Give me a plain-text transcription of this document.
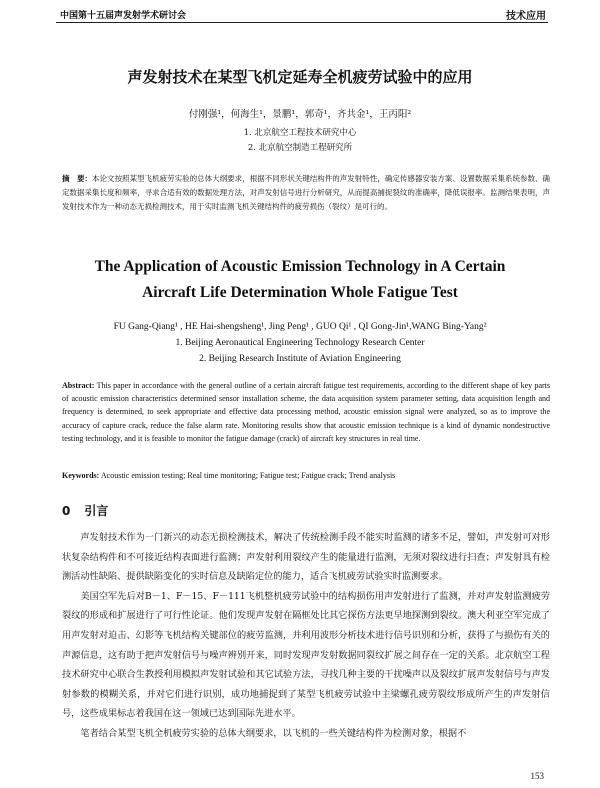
中国第十五届声发射学术研讨会	技术应用
声发射技术在某型飞机定延寿全机疲劳试验中的应用
付刚强¹，何海生¹，景鹏¹，郭奇¹，齐共金¹，王丙阳²
1. 北京航空工程技术研究中心
2. 北京航空制造工程研究所
摘　要：本论文按照某型飞机疲劳实验的总体大纲要求，根据不同形状关键结构件的声发射特性，确定传感器安装方案、设置数据采集系统参数、确定数据采集长度和频率，寻求合适有效的数据处理方法，对声发射信号进行分析研究，从而提高捕捉裂纹的准确率，降低误报率。监测结果表明，声发射技术作为一种动态无损检测技术，用于实时监测飞机关键结构件的疲劳损伤（裂纹）是可行的。
The Application of Acoustic Emission Technology in A Certain
Aircraft Life Determination Whole Fatigue Test
FU Gang-Qiang¹ , HE Hai-shengsheng¹, Jing Peng¹ , GUO Qi¹ , QI Gong-Jin¹,WANG Bing-Yang²
1. Beijing Aeronautical Engineering Technology Research Center
2. Beijing Research Institute of Aviation Engineering
Abstract: This paper in accordance with the general outline of a certain aircraft fatigue test requirements, according to the different shape of key parts of acoustic emission characteristics determined sensor installation scheme, the data acquisition system parameter setting, data acquisition length and frequency is determined, to seek appropriate and effective data processing method, acoustic emission signal were analyzed, so as to improve the accuracy of capture crack, reduce the false alarm rate. Monitoring results show that acoustic emission technique is a kind of dynamic nondestructive testing technology, and it is feasible to monitor the fatigue damage (crack) of aircraft key structures in real time.
Keywords: Acoustic emission testing; Real time monitoring; Fatigue test; Fatigue crack; Trend analysis
0 引言

声发射技术作为一门新兴的动态无损检测技术，解决了传统检测手段不能实时监测的诸多不足，譬如，声发射可对形状复杂结构件和不可接近结构表面进行监测；声发射利用裂纹产生的能量进行监测，无须对裂纹进行扫查；声发射具有检测活动性缺陷、提供缺陷变化的实时信息及缺陷定位的能力，适合飞机疲劳试验实时监测要求。

美国空军先后对B－1、F－15、F－111飞机整机疲劳试验中的结构损伤用声发射进行了监测，并对声发射监测疲劳裂纹的形成和扩展进行了可行性论证。他们发现声发射在隔框处比其它探伤方法更早地探测到裂纹。澳大利亚空军完成了用声发射对迫击、幻影等飞机结构关键部位的疲劳监测，并利用波形分析技术进行信号识别和分析，获得了与损伤有关的声源信息，这有助于把声发射信号与噪声辨别开来，同时发现声发射数据同裂纹扩展之间存在一定的关系。北京航空工程技术研究中心联合生教授利用模拟声发射试验和其它试验方法，寻找几种主要的干扰噪声以及裂纹扩展声发射信号与声发射参数的模糊关系，并对它们进行识别，成功地捕捉到了某型飞机疲劳试验中主梁螺孔疲劳裂纹形成所产生的声发射信号，这些成果标志着我国在这一领域已达到国际先进水平。

笔者结合某型飞机全机疲劳实验的总体大纲要求，以飞机的一些关键结构件为检测对象，根据不

153
